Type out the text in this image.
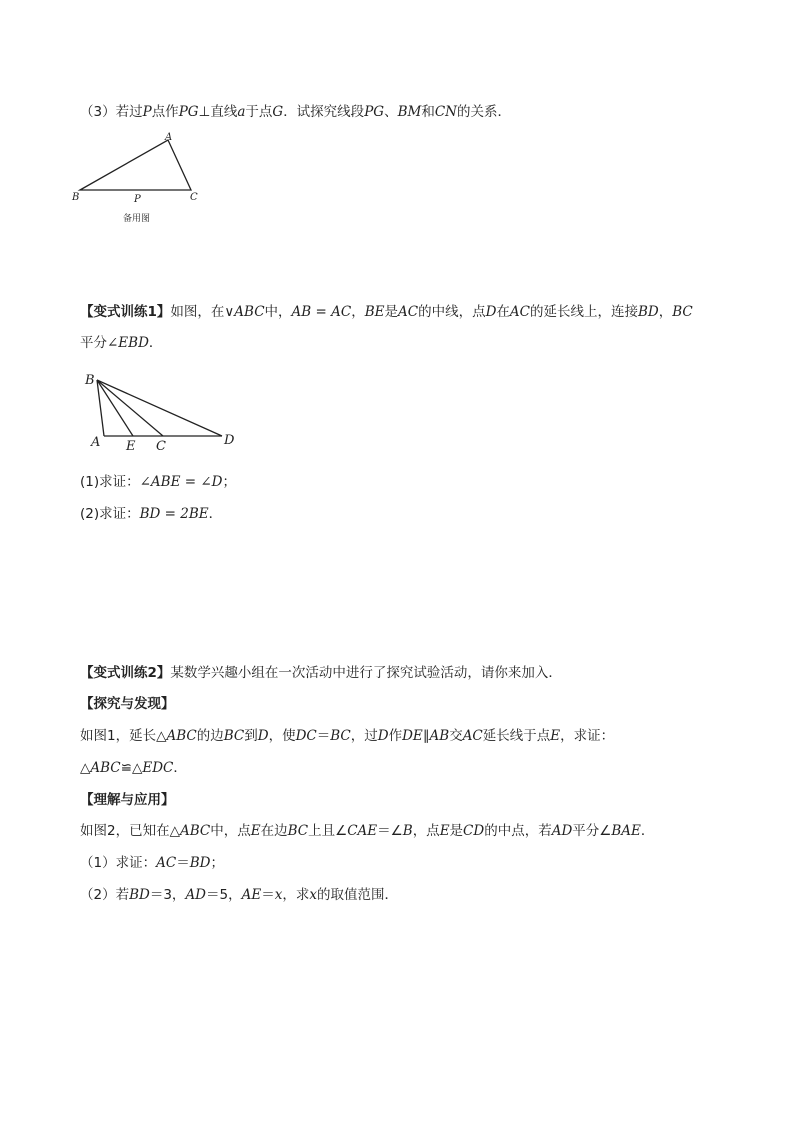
（3）若过P点作PG⊥直线a于点G．试探究线段PG、BM和CN的关系．
A
B	C
P
备用图
【变式训练1】如图，在∨ABC中，AB = AC，BE是AC的中线，点D在AC的延长线上，连接BD，BC
平分∠EBD．
B
A E C	D
(1)求证：∠ABE = ∠D；
(2)求证：BD = 2BE．
【变式训练2】某数学兴趣小组在一次活动中进行了探究试验活动，请你来加入．
【探究与发现】
如图1，延长△ABC的边BC到D，使DC＝BC，过D作DE∥AB交AC延长线于点E，求证：
△ABC≌△EDC．
【理解与应用】
如图2，已知在△ABC中，点E在边BC上且∠CAE＝∠B，点E是CD的中点，若AD平分∠BAE．
（1）求证：AC＝BD；
（2）若BD＝3，AD＝5，AE＝x，求x的取值范围．
